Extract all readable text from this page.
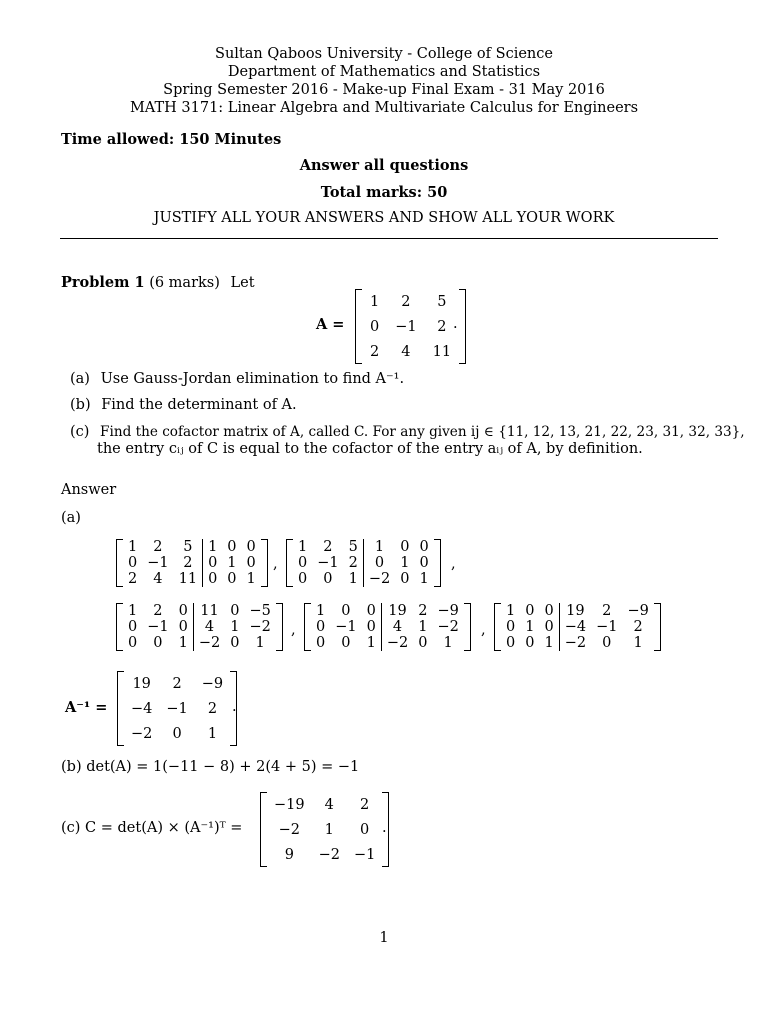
Sultan Qaboos University - College of Science
Department of Mathematics and Statistics
Spring Semester 2016 - Make-up Final Exam - 31 May 2016
MATH 3171: Linear Algebra and Multivariate Calculus for Engineers
Time allowed: 150 Minutes
Answer all questions
Total marks: 50
JUSTIFY ALL YOUR ANSWERS AND SHOW ALL YOUR WORK
Problem 1 (6 marks) Let
A =
1	2	5
0	−1	2
2	4	11
.
(a) Use Gauss-Jordan elimination to find A⁻¹.
(b) Find the determinant of A.
(c) Find the cofactor matrix of A, called C. For any given ij ∈ {11, 12, 13, 21, 22, 23, 31, 32, 33},
the entry cᵢⱼ of C is equal to the cofactor of the entry aᵢⱼ of A, by definition.
Answer
(a)
1	2	5	1	0	0
0	−1	2	0	1	0
2	4	11	0	0	1
,
1	2	5	1	0	0
0	−1	2	0	1	0
0	0	1	−2	0	1
,
1	2	0	11	0	−5
0	−1	0	4	1	−2
0	0	1	−2	0	1
,
1	0	0	19	2	−9
0	−1	0	4	1	−2
0	0	1	−2	0	1
,
1	0	0	19	2	−9
0	1	0	−4	−1	2
0	0	1	−2	0	1
A⁻¹ =
19	2	−9
−4	−1	2
−2	0	1
.
(b) det(A) = 1(−11 − 8) + 2(4 + 5) = −1
(c) C = det(A) × (A⁻¹)ᵀ =
−19	4	2
−2	1	0
9	−2	−1
.
1
